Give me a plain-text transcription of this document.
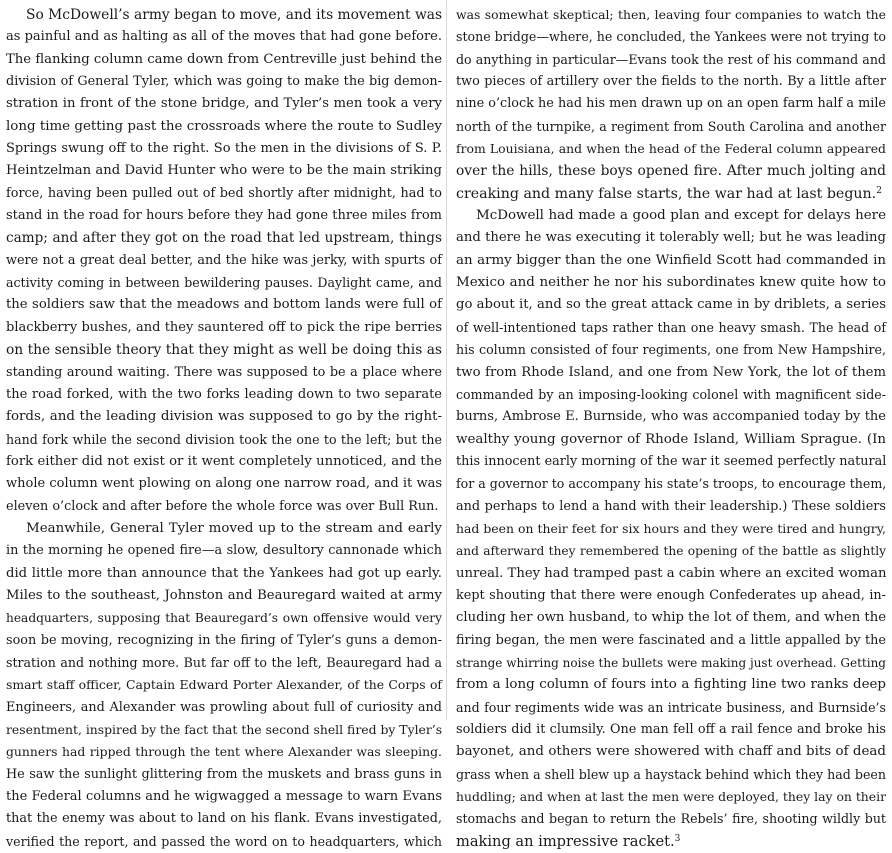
So McDowell’s army began to move, and its movement was
as painful and as halting as all of the moves that had gone before.
The flanking column came down from Centreville just behind the
division of General Tyler, which was going to make the big demon-
stration in front of the stone bridge, and Tyler’s men took a very
long time getting past the crossroads where the route to Sudley
Springs swung off to the right. So the men in the divisions of S. P.
Heintzelman and David Hunter who were to be the main striking
force, having been pulled out of bed shortly after midnight, had to
stand in the road for hours before they had gone three miles from
camp; and after they got on the road that led upstream, things
were not a great deal better, and the hike was jerky, with spurts of
activity coming in between bewildering pauses. Daylight came, and
the soldiers saw that the meadows and bottom lands were full of
blackberry bushes, and they sauntered off to pick the ripe berries
on the sensible theory that they might as well be doing this as
standing around waiting. There was supposed to be a place where
the road forked, with the two forks leading down to two separate
fords, and the leading division was supposed to go by the right-
hand fork while the second division took the one to the left; but the
fork either did not exist or it went completely unnoticed, and the
whole column went plowing on along one narrow road, and it was
eleven o’clock and after before the whole force was over Bull Run.
Meanwhile, General Tyler moved up to the stream and early
in the morning he opened fire—a slow, desultory cannonade which
did little more than announce that the Yankees had got up early.
Miles to the southeast, Johnston and Beauregard waited at army
headquarters, supposing that Beauregard’s own offensive would very
soon be moving, recognizing in the firing of Tyler’s guns a demon-
stration and nothing more. But far off to the left, Beauregard had a
smart staff officer, Captain Edward Porter Alexander, of the Corps of
Engineers, and Alexander was prowling about full of curiosity and
resentment, inspired by the fact that the second shell fired by Tyler’s
gunners had ripped through the tent where Alexander was sleeping.
He saw the sunlight glittering from the muskets and brass guns in
the Federal columns and he wigwagged a message to warn Evans
that the enemy was about to land on his flank. Evans investigated,
verified the report, and passed the word on to headquarters, which
was somewhat skeptical; then, leaving four companies to watch the
stone bridge—where, he concluded, the Yankees were not trying to
do anything in particular—Evans took the rest of his command and
two pieces of artillery over the fields to the north. By a little after
nine o’clock he had his men drawn up on an open farm half a mile
north of the turnpike, a regiment from South Carolina and another
from Louisiana, and when the head of the Federal column appeared
over the hills, these boys opened fire. After much jolting and
creaking and many false starts, the war had at last begun.$^2$
McDowell had made a good plan and except for delays here
and there he was executing it tolerably well; but he was leading
an army bigger than the one Winfield Scott had commanded in
Mexico and neither he nor his subordinates knew quite how to
go about it, and so the great attack came in by driblets, a series
of well-intentioned taps rather than one heavy smash. The head of
his column consisted of four regiments, one from New Hampshire,
two from Rhode Island, and one from New York, the lot of them
commanded by an imposing-looking colonel with magnificent side-
burns, Ambrose E. Burnside, who was accompanied today by the
wealthy young governor of Rhode Island, William Sprague. (In
this innocent early morning of the war it seemed perfectly natural
for a governor to accompany his state’s troops, to encourage them,
and perhaps to lend a hand with their leadership.) These soldiers
had been on their feet for six hours and they were tired and hungry,
and afterward they remembered the opening of the battle as slightly
unreal. They had tramped past a cabin where an excited woman
kept shouting that there were enough Confederates up ahead, in-
cluding her own husband, to whip the lot of them, and when the
firing began, the men were fascinated and a little appalled by the
strange whirring noise the bullets were making just overhead. Getting
from a long column of fours into a fighting line two ranks deep
and four regiments wide was an intricate business, and Burnside’s
soldiers did it clumsily. One man fell off a rail fence and broke his
bayonet, and others were showered with chaff and bits of dead
grass when a shell blew up a haystack behind which they had been
huddling; and when at last the men were deployed, they lay on their
stomachs and began to return the Rebels’ fire, shooting wildly but
making an impressive racket.$^3$
